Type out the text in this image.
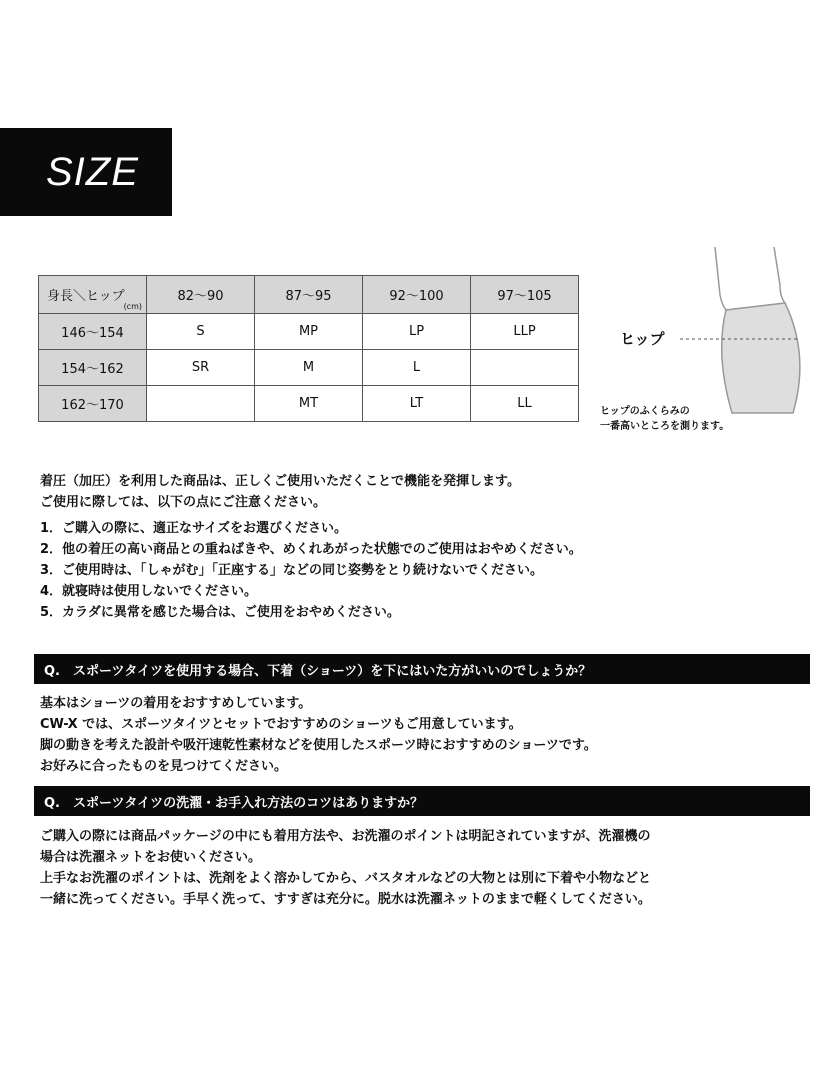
SIZE
身長＼ヒップ
(cm)	82〜90	87〜95	92〜100	97〜105
146〜154	S	MP	LP	LLP
154〜162	SR	M	L	
162〜170		MT	LT	LL
ヒップ
ヒップのふくらみの
一番高いところを測ります。
着圧（加圧）を利用した商品は、正しくご使用いただくことで機能を発揮します。
ご使用に際しては、以下の点にご注意ください。
1．ご購入の際に、適正なサイズをお選びください。
2．他の着圧の高い商品との重ねばきや、めくれあがった状態でのご使用はおやめください。
3．ご使用時は、「しゃがむ」「正座する」などの同じ姿勢をとり続けないでください。
4．就寝時は使用しないでください。
5．カラダに異常を感じた場合は、ご使用をおやめください。
Q.　スポーツタイツを使用する場合、下着（ショーツ）を下にはいた方がいいのでしょうか？
基本はショーツの着用をおすすめしています。
CW-X では、スポーツタイツとセットでおすすめのショーツもご用意しています。
脚の動きを考えた設計や吸汗速乾性素材などを使用したスポーツ時におすすめのショーツです。
お好みに合ったものを見つけてください。
Q.　スポーツタイツの洗濯・お手入れ方法のコツはありますか？
ご購入の際には商品パッケージの中にも着用方法や、お洗濯のポイントは明記されていますが、洗濯機の
場合は洗濯ネットをお使いください。
上手なお洗濯のポイントは、洗剤をよく溶かしてから、バスタオルなどの大物とは別に下着や小物などと
一緒に洗ってください。手早く洗って、すすぎは充分に。脱水は洗濯ネットのままで軽くしてください。
